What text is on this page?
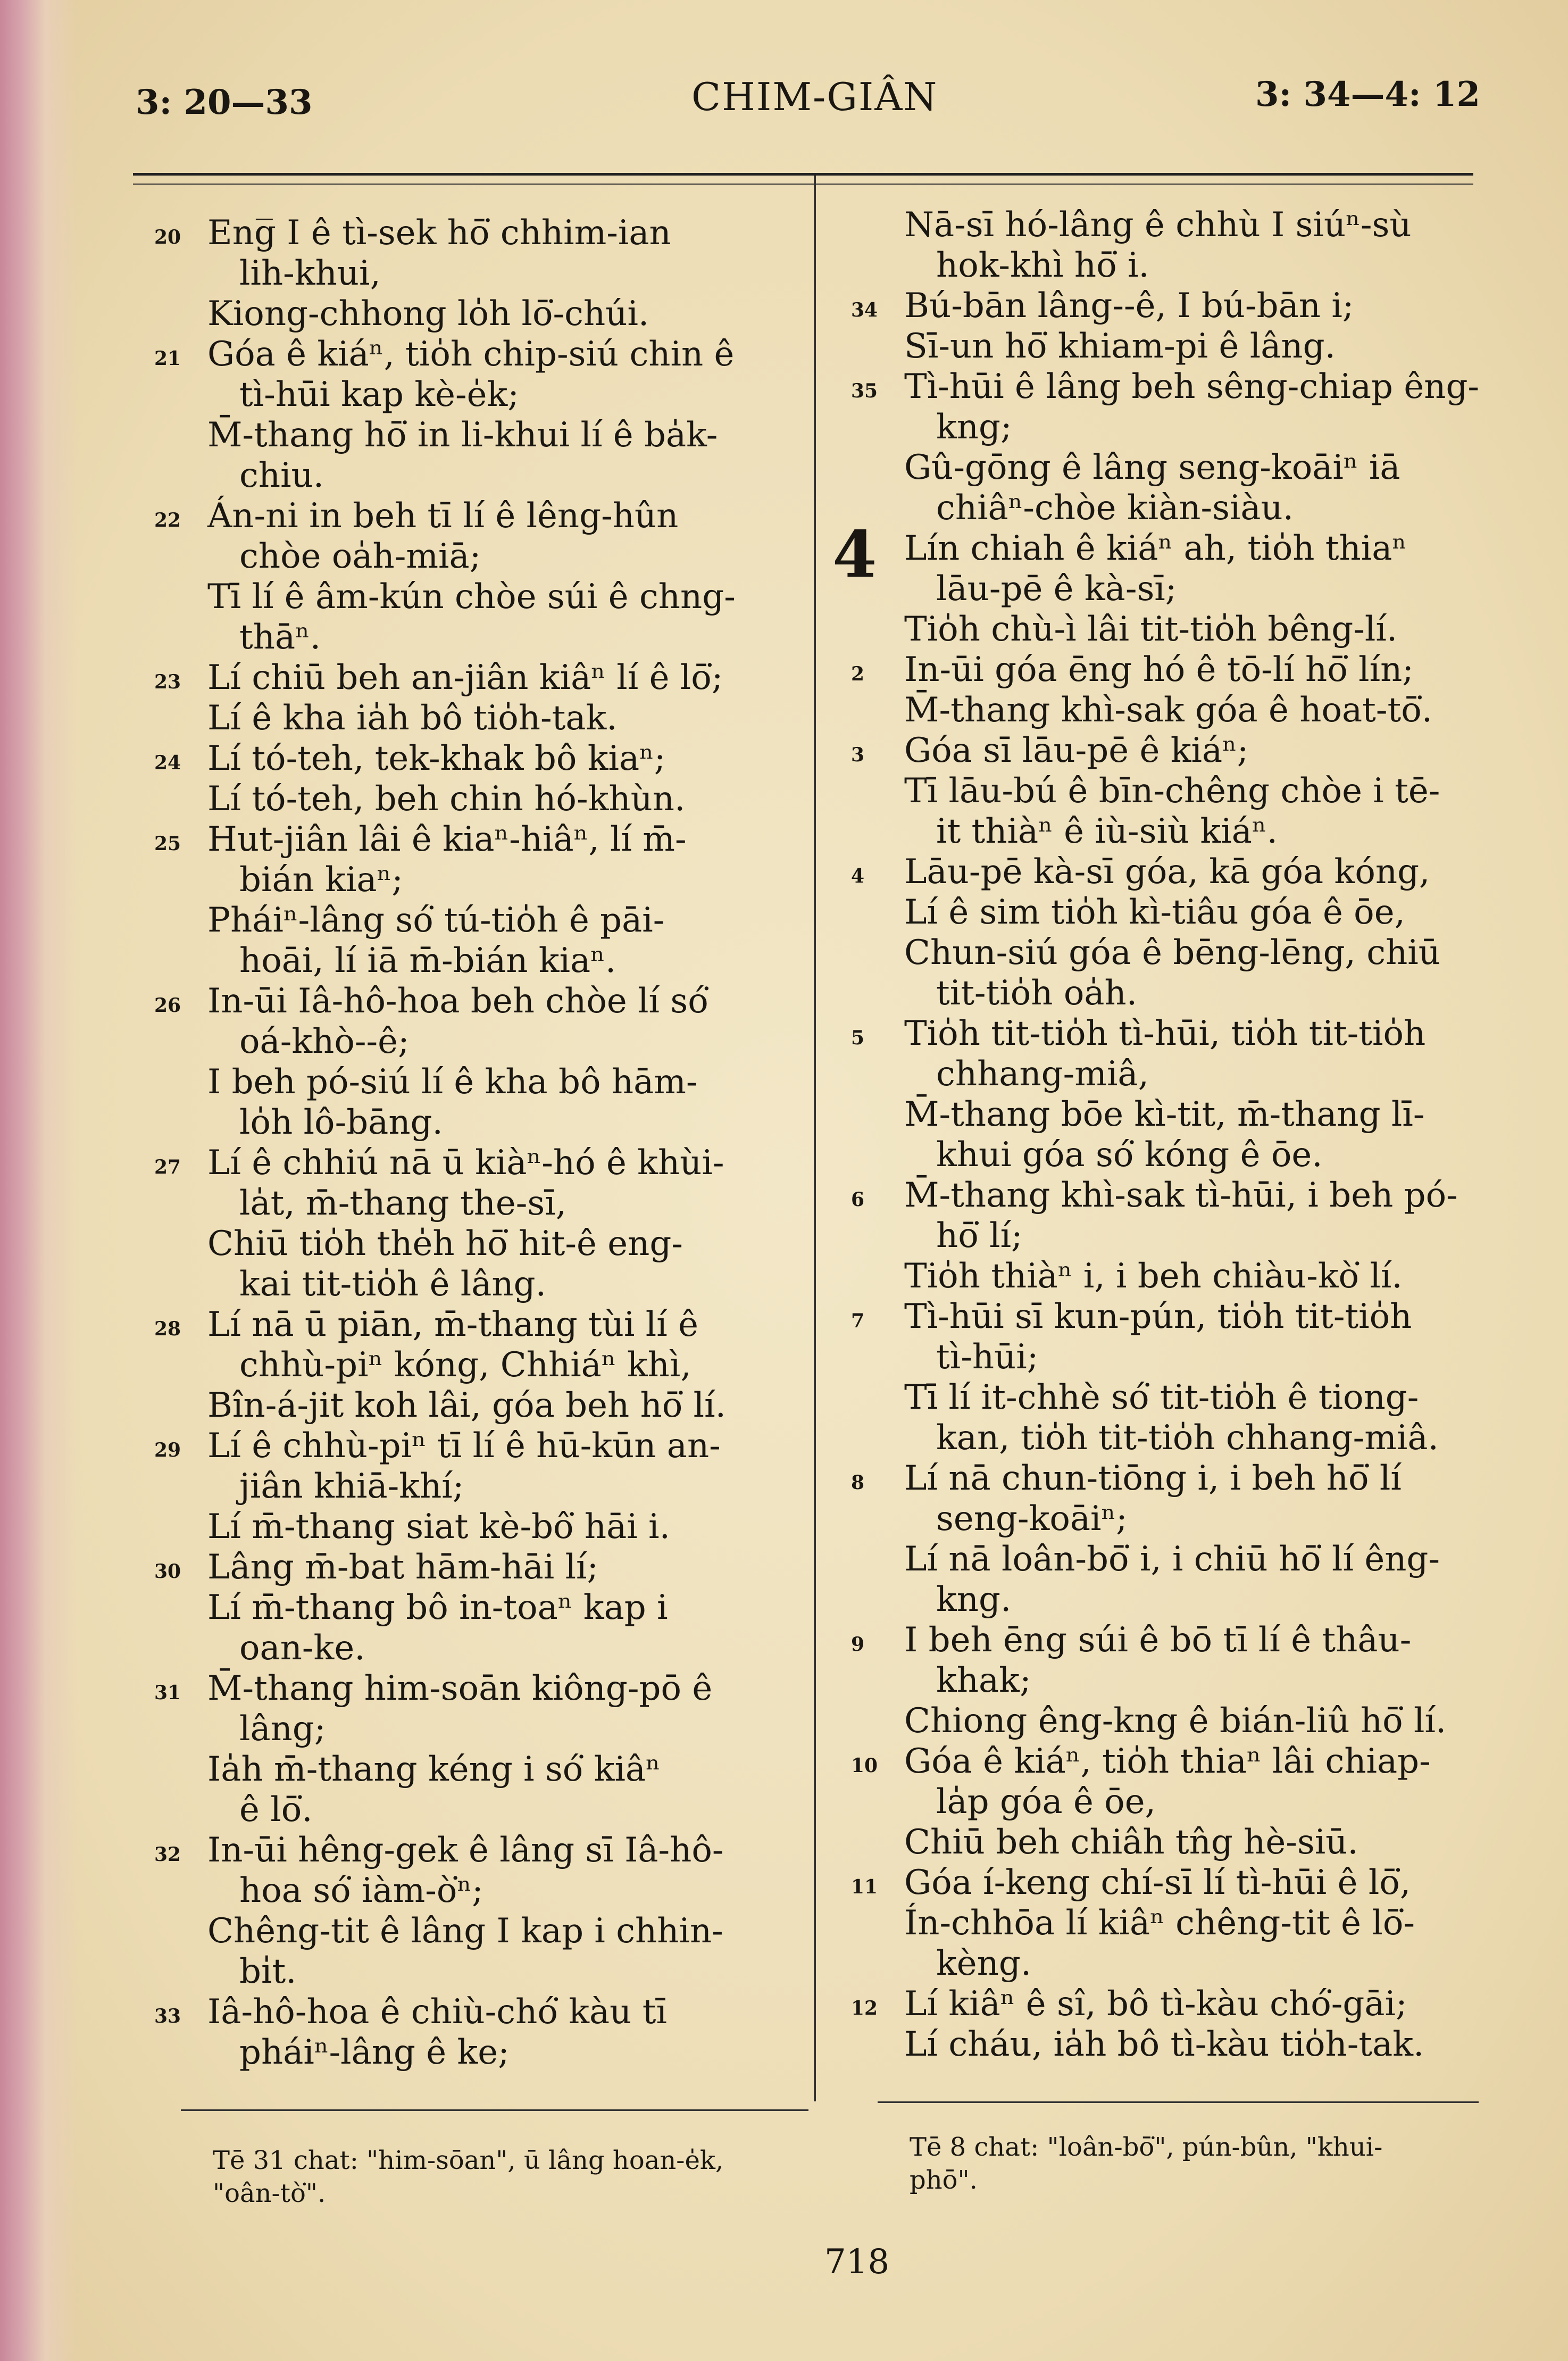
3: 20—33	CHIM-GIÂN	3: 34—4: 12
20 Eng̅ I ê tì-sek hō͘ chhim-ian
lih-khui,
Kiong-chhong lo̍h lō͘-chúi.
21 Góa ê kiáⁿ, tio̍h chip-siú chin ê
tì-hūi kap kè-e̍k;
M̄-thang hō͘ in li-khui lí ê ba̍k-
chiu.
22 Án-ni in beh tī lí ê lêng-hûn
chòe oa̍h-miā;
Tī lí ê âm-kún chòe súi ê chng-
thāⁿ.
23 Lí chiū beh an-jiân kiâⁿ lí ê lō͘;
Lí ê kha ia̍h bô tio̍h-tak.
24 Lí tó-teh, tek-khak bô kiaⁿ;
Lí tó-teh, beh chin hó-khùn.
25 Hut-jiân lâi ê kiaⁿ-hiâⁿ, lí m̄-
bián kiaⁿ;
Pháiⁿ-lâng só͘ tú-tio̍h ê pāi-
hoāi, lí iā m̄-bián kiaⁿ.
26 In-ūi Iâ-hô-hoa beh chòe lí só͘
oá-khò--ê;
I beh pó-siú lí ê kha bô hām-
lo̍h lô-bāng.
27 Lí ê chhiú nā ū kiàⁿ-hó ê khùi-
la̍t, m̄-thang the-sī,
Chiū tio̍h the̍h hō͘ hit-ê eng-
kai tit-tio̍h ê lâng.
28 Lí nā ū piān, m̄-thang tùi lí ê
chhù-piⁿ kóng, Chhiáⁿ khì,
Bîn-á-jit koh lâi, góa beh hō͘ lí.
29 Lí ê chhù-piⁿ tī lí ê hū-kūn an-
jiân khiā-khí;
Lí m̄-thang siat kè-bô͘ hāi i.
30 Lâng m̄-bat hām-hāi lí;
Lí m̄-thang bô in-toaⁿ kap i
oan-ke.
31 M̄-thang him-soān kiông-pō ê
lâng;
Ia̍h m̄-thang kéng i só͘ kiâⁿ
ê lō͘.
32 In-ūi hêng-gek ê lâng sī Iâ-hô-
hoa só͘ iàm-ò͘ⁿ;
Chêng-tit ê lâng I kap i chhin-
bi̍t.
33 Iâ-hô-hoa ê chiù-chó͘ kàu tī
pháiⁿ-lâng ê ke;
Nā-sī hó-lâng ê chhù I siúⁿ-sù
hok-khì hō͘ i.
34 Bú-bān lâng--ê, I bú-bān i;
Sī-un hō͘ khiam-pi ê lâng.
35 Tì-hūi ê lâng beh sêng-chiap êng-
kng;
Gû-gōng ê lâng seng-koāiⁿ iā
chiâⁿ-chòe kiàn-siàu.
4 Lín chiah ê kiáⁿ ah, tio̍h thiaⁿ
lāu-pē ê kà-sī;
Tio̍h chù-ì lâi tit-tio̍h bêng-lí.
2 In-ūi góa ēng hó ê tō-lí hō͘ lín;
M̄-thang khì-sak góa ê hoat-tō͘.
3 Góa sī lāu-pē ê kiáⁿ;
Tī lāu-bú ê bīn-chêng chòe i tē-
it thiàⁿ ê iù-siù kiáⁿ.
4 Lāu-pē kà-sī góa, kā góa kóng,
Lí ê sim tio̍h kì-tiâu góa ê ōe,
Chun-siú góa ê bēng-lēng, chiū
tit-tio̍h oa̍h.
5 Tio̍h tit-tio̍h tì-hūi, tio̍h tit-tio̍h
chhang-miâ,
M̄-thang bōe kì-tit, m̄-thang lī-
khui góa só͘ kóng ê ōe.
6 M̄-thang khì-sak tì-hūi, i beh pó-
hō͘ lí;
Tio̍h thiàⁿ i, i beh chiàu-kò͘ lí.
7 Tì-hūi sī kun-pún, tio̍h tit-tio̍h
tì-hūi;
Tī lí it-chhè só͘ tit-tio̍h ê tiong-
kan, tio̍h tit-tio̍h chhang-miâ.
8 Lí nā chun-tiōng i, i beh hō͘ lí
seng-koāiⁿ;
Lí nā loân-bō͘ i, i chiū hō͘ lí êng-
kng.
9 I beh ēng súi ê bō tī lí ê thâu-
khak;
Chiong êng-kng ê bián-liû hō͘ lí.
10 Góa ê kiáⁿ, tio̍h thiaⁿ lâi chiap-
la̍p góa ê ōe,
Chiū beh chiâh tn̂g hè-siū.
11 Góa í-keng chí-sī lí tì-hūi ê lō͘,
Ín-chhōa lí kiâⁿ chêng-tit ê lō͘-
kèng.
12 Lí kiâⁿ ê sî, bô tì-kàu chó͘-gāi;
Lí cháu, ia̍h bô tì-kàu tio̍h-tak.
Tē 31 chat: "him-sōan", ū lâng hoan-e̍k,
"oân-tò͘".
Tē 8 chat: "loân-bō͘", pún-bûn, "khui-
phō".
718
